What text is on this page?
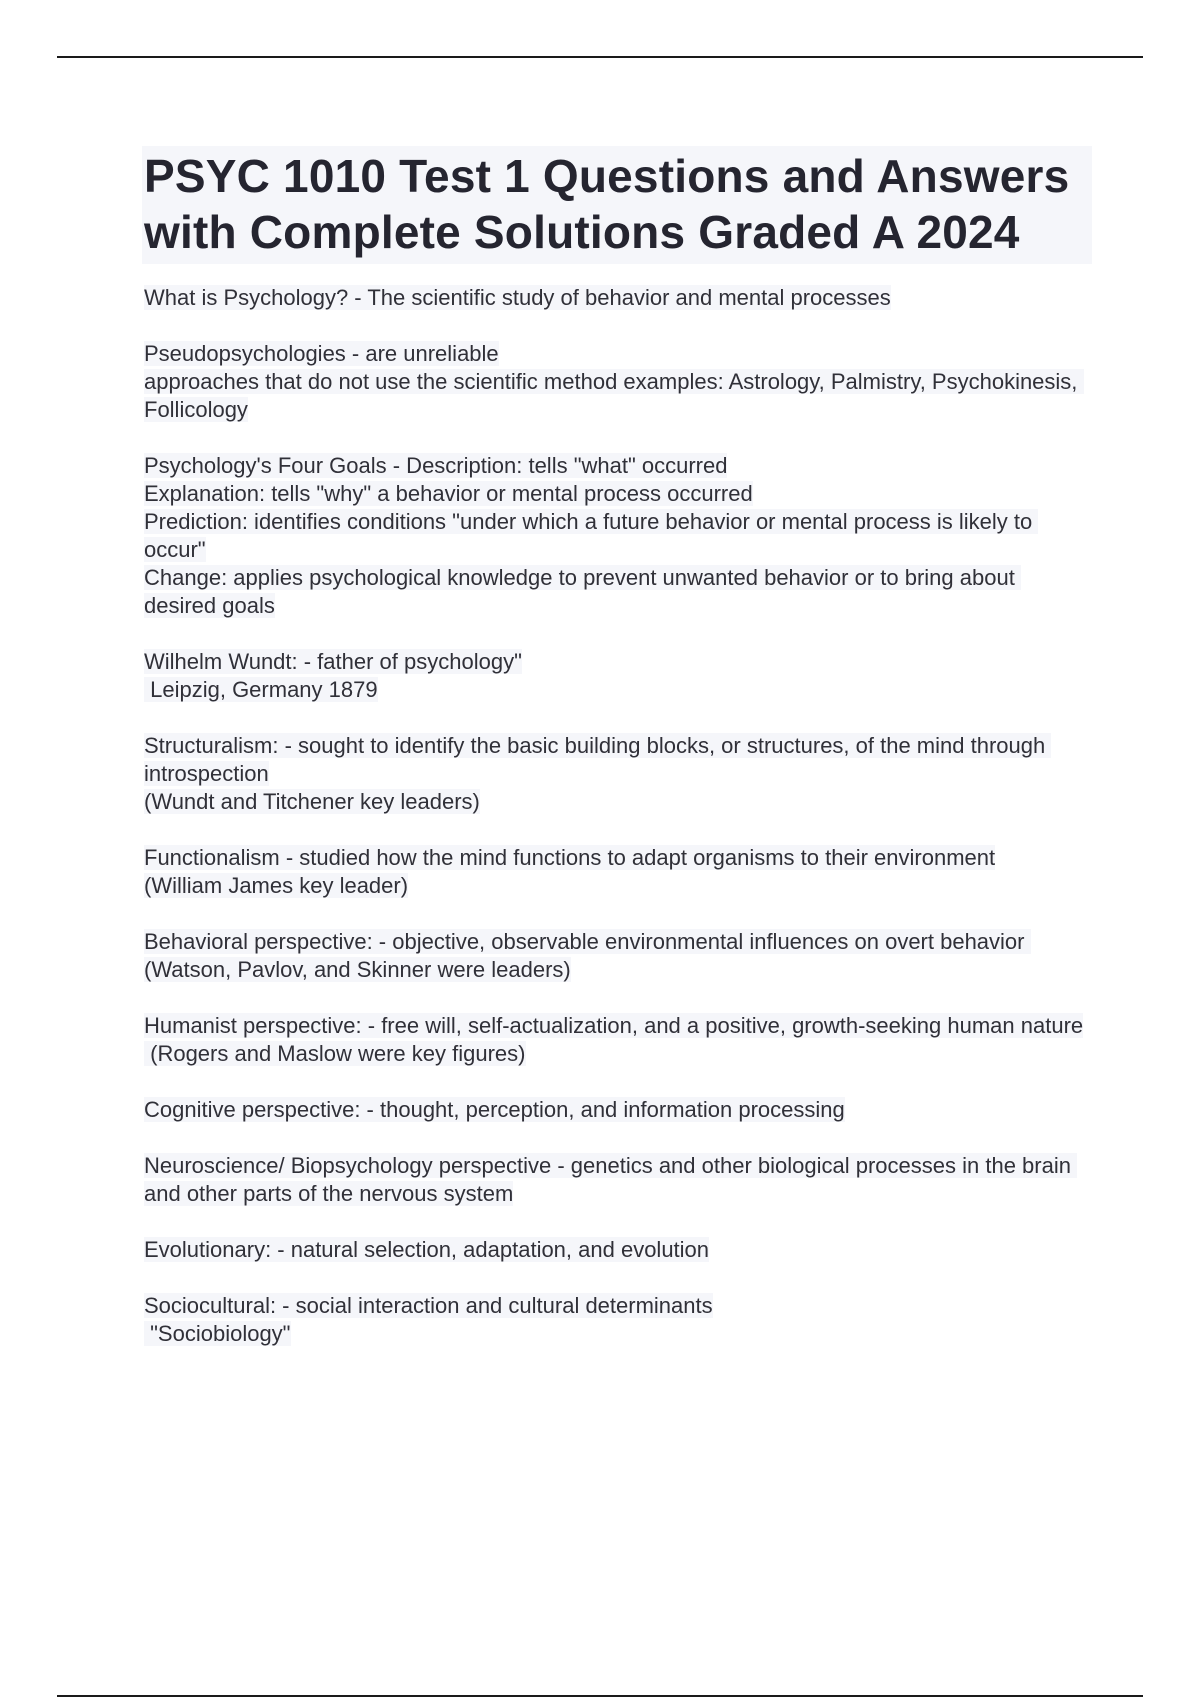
PSYC 1010 Test 1 Questions and Answers with Complete Solutions Graded A 2024
What is Psychology? - The scientific study of behavior and mental processes
Pseudopsychologies - are unreliable
approaches that do not use the scientific method examples: Astrology, Palmistry, Psychokinesis, Follicology
Psychology's Four Goals - Description: tells "what" occurred
Explanation: tells "why" a behavior or mental process occurred
Prediction: identifies conditions "under which a future behavior or mental process is likely to occur"
Change: applies psychological knowledge to prevent unwanted behavior or to bring about desired goals
Wilhelm Wundt: - father of psychology"
Leipzig, Germany 1879
Structuralism: - sought to identify the basic building blocks, or structures, of the mind through introspection
(Wundt and Titchener key leaders)
Functionalism - studied how the mind functions to adapt organisms to their environment
(William James key leader)
Behavioral perspective: - objective, observable environmental influences on overt behavior (Watson, Pavlov, and Skinner were leaders)
Humanist perspective: - free will, self-actualization, and a positive, growth-seeking human nature
(Rogers and Maslow were key figures)
Cognitive perspective: - thought, perception, and information processing
Neuroscience/ Biopsychology perspective - genetics and other biological processes in the brain and other parts of the nervous system
Evolutionary: - natural selection, adaptation, and evolution
Sociocultural: - social interaction and cultural determinants
"Sociobiology"
